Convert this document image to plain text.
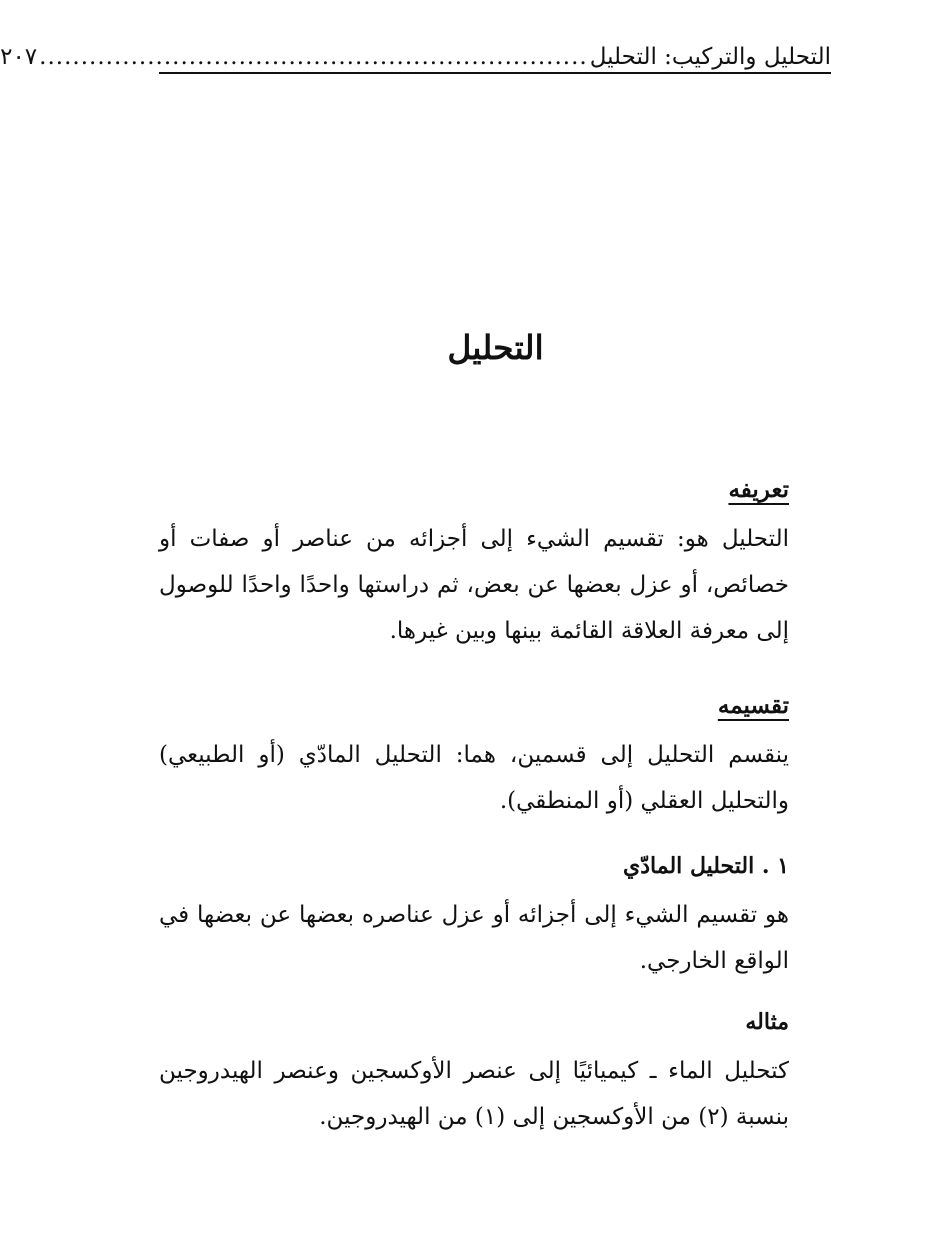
التحليل والتركيب: التحليل
..................................................................
٢٠٧
التحليل
تعريفه

التحليل هو: تقسيم الشيء إلى أجزائه من عناصر أو صفات أو خصائص، أو عزل بعضها عن بعض، ثم دراستها واحدًا واحدًا للوصول إلى معرفة العلاقة القائمة بينها وبين غيرها.

تقسيمه

ينقسم التحليل إلى قسمين، هما: التحليل المادّي (أو الطبيعي) والتحليل العقلي (أو المنطقي).

١ . التحليل المادّي

هو تقسيم الشيء إلى أجزائه أو عزل عناصره بعضها عن بعضها في الواقع الخارجي.

مثاله

كتحليل الماء ـ كيميائيًا إلى عنصر الأوكسجين وعنصر الهيدروجين بنسبة (٢) من الأوكسجين إلى (١) من الهيدروجين.
